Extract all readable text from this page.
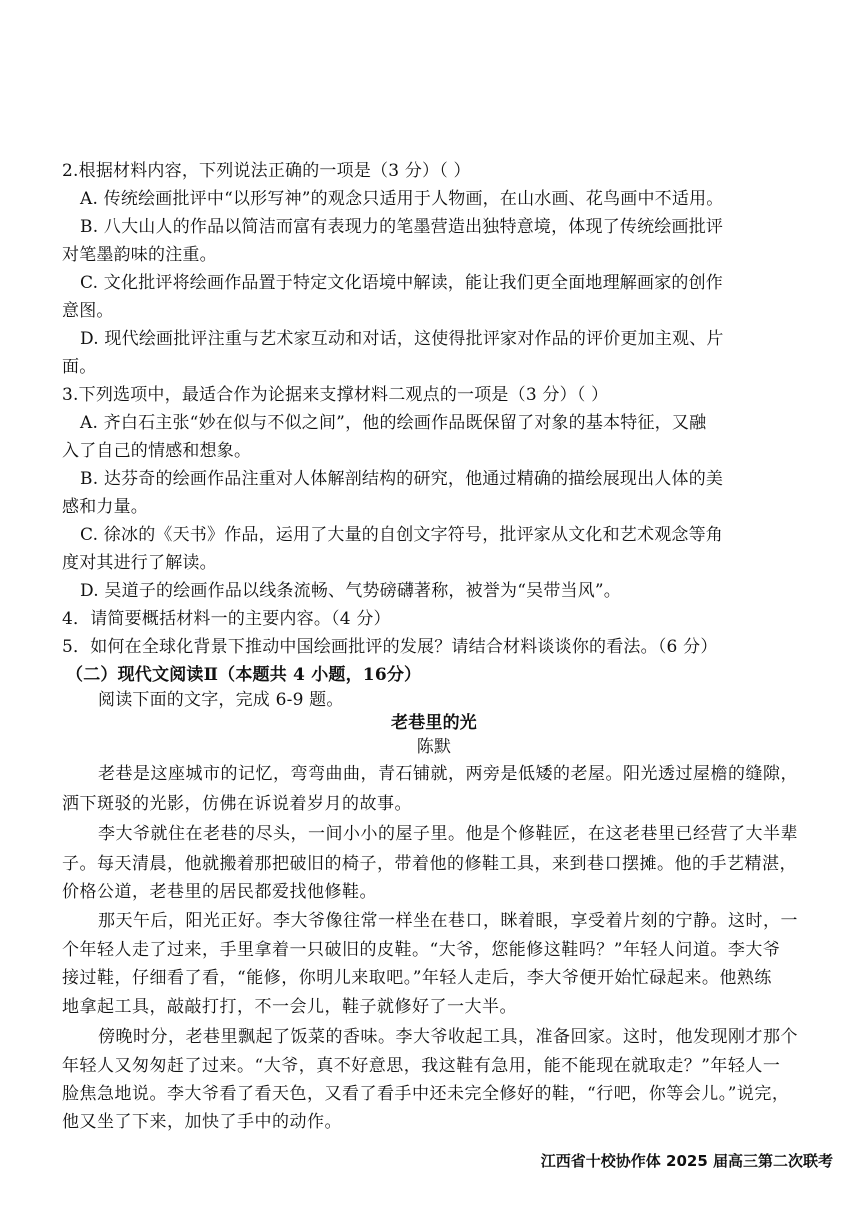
2.根据材料内容，下列说法正确的一项是（3 分）（ ）
A. 传统绘画批评中“以形写神”的观念只适用于人物画，在山水画、花鸟画中不适用。
B. 八大山人的作品以简洁而富有表现力的笔墨营造出独特意境，体现了传统绘画批评
对笔墨韵味的注重。
C. 文化批评将绘画作品置于特定文化语境中解读，能让我们更全面地理解画家的创作
意图。
D. 现代绘画批评注重与艺术家互动和对话，这使得批评家对作品的评价更加主观、片
面。
3.下列选项中，最适合作为论据来支撑材料二观点的一项是（3 分）（ ）
A. 齐白石主张“妙在似与不似之间”，他的绘画作品既保留了对象的基本特征，又融
入了自己的情感和想象。
B. 达芬奇的绘画作品注重对人体解剖结构的研究，他通过精确的描绘展现出人体的美
感和力量。
C. 徐冰的《天书》作品，运用了大量的自创文字符号，批评家从文化和艺术观念等角
度对其进行了解读。
D. 吴道子的绘画作品以线条流畅、气势磅礴著称，被誉为“吴带当风”。
4．请简要概括材料一的主要内容。（4 分）
5．如何在全球化背景下推动中国绘画批评的发展？请结合材料谈谈你的看法。（6 分）
（二）现代文阅读Ⅱ（本题共 4 小题，16分）
阅读下面的文字，完成 6-9 题。
老巷里的光
陈默
老巷是这座城市的记忆，弯弯曲曲，青石铺就，两旁是低矮的老屋。阳光透过屋檐的缝隙，
洒下斑驳的光影，仿佛在诉说着岁月的故事。
李大爷就住在老巷的尽头，一间小小的屋子里。他是个修鞋匠，在这老巷里已经营了大半辈
子。每天清晨，他就搬着那把破旧的椅子，带着他的修鞋工具，来到巷口摆摊。他的手艺精湛，
价格公道，老巷里的居民都爱找他修鞋。
那天午后，阳光正好。李大爷像往常一样坐在巷口，眯着眼，享受着片刻的宁静。这时，一
个年轻人走了过来，手里拿着一只破旧的皮鞋。“大爷，您能修这鞋吗？”年轻人问道。李大爷
接过鞋，仔细看了看，“能修，你明儿来取吧。”年轻人走后，李大爷便开始忙碌起来。他熟练
地拿起工具，敲敲打打，不一会儿，鞋子就修好了一大半。
傍晚时分，老巷里飘起了饭菜的香味。李大爷收起工具，准备回家。这时，他发现刚才那个
年轻人又匆匆赶了过来。“大爷，真不好意思，我这鞋有急用，能不能现在就取走？”年轻人一
脸焦急地说。李大爷看了看天色，又看了看手中还未完全修好的鞋，“行吧，你等会儿。”说完，
他又坐了下来，加快了手中的动作。
江西省十校协作体 2025 届高三第二次联考
